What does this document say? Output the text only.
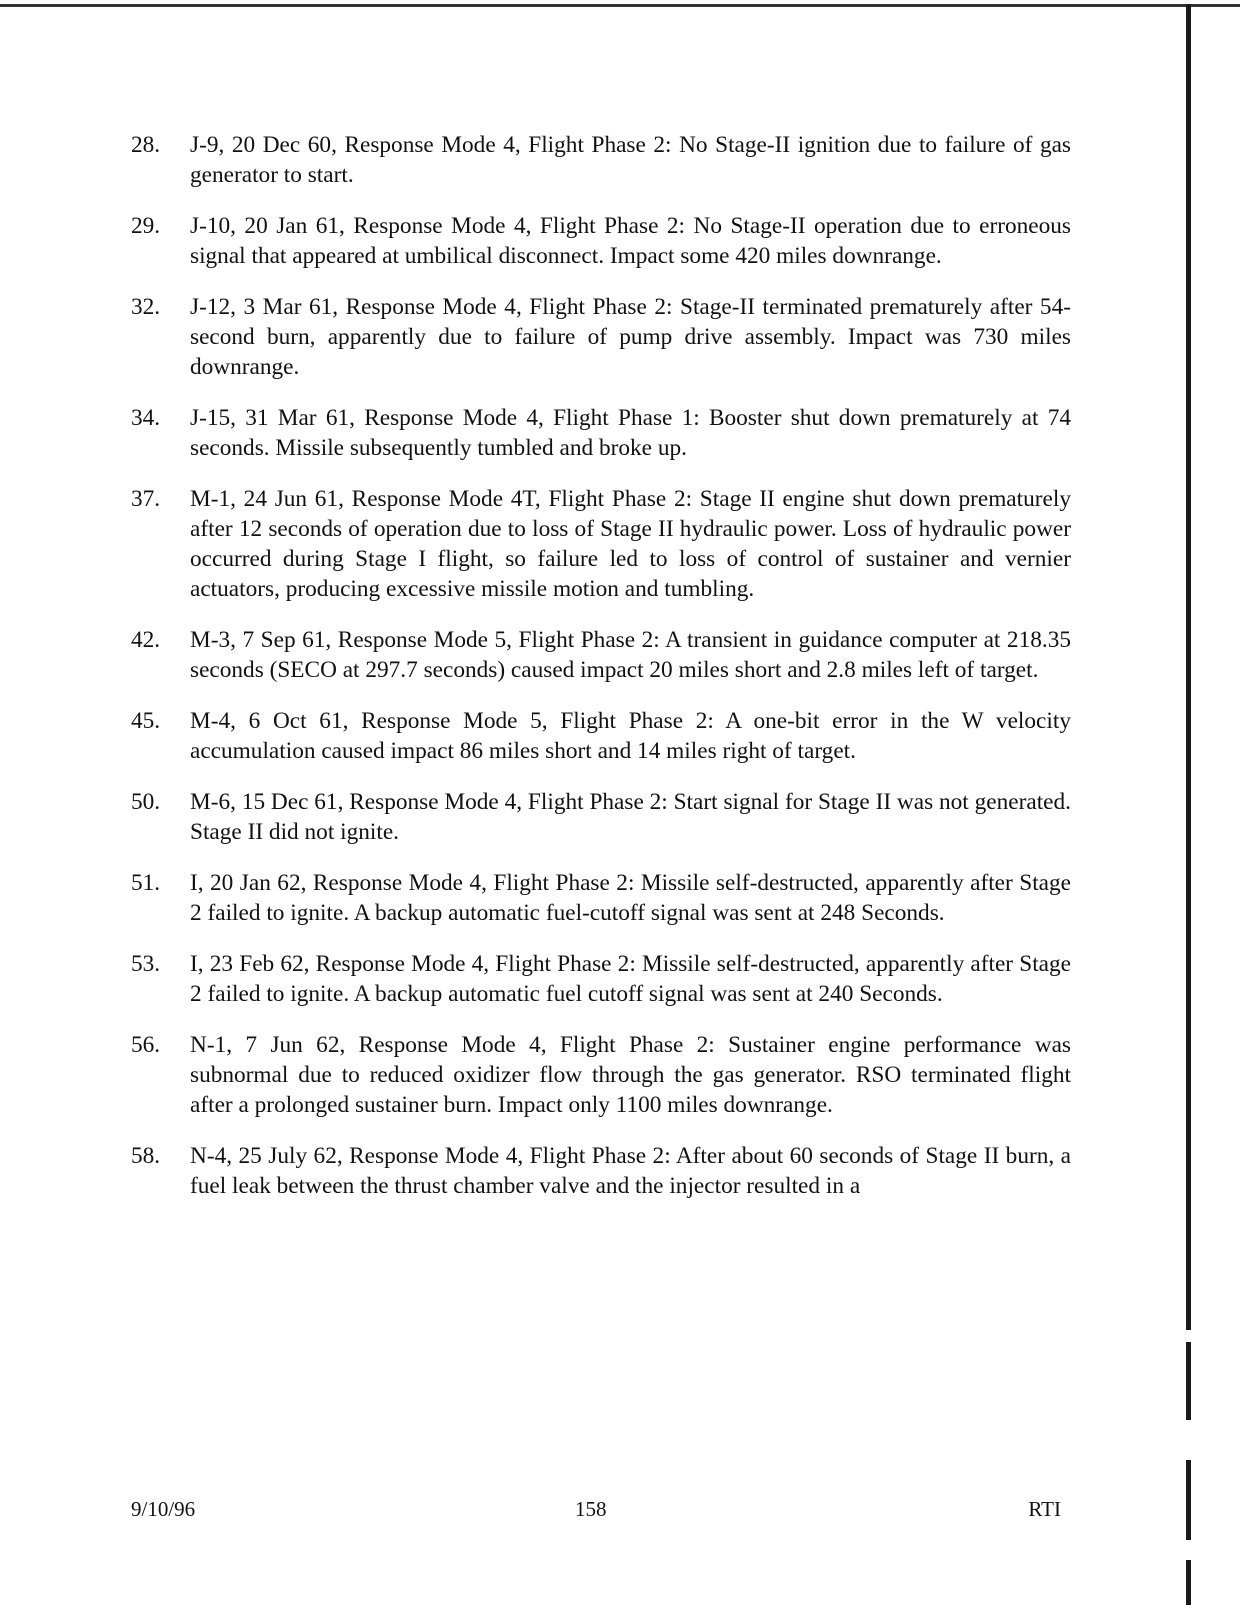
28.	J-9, 20 Dec 60, Response Mode 4, Flight Phase 2: No Stage-II ignition due to failure of gas generator to start.
29.	J-10, 20 Jan 61, Response Mode 4, Flight Phase 2: No Stage-II operation due to erroneous signal that appeared at umbilical disconnect. Impact some 420 miles downrange.
32.	J-12, 3 Mar 61, Response Mode 4, Flight Phase 2: Stage-II terminated prematurely after 54-second burn, apparently due to failure of pump drive assembly. Impact was 730 miles downrange.
34.	J-15, 31 Mar 61, Response Mode 4, Flight Phase 1: Booster shut down prematurely at 74 seconds. Missile subsequently tumbled and broke up.
37.	M-1, 24 Jun 61, Response Mode 4T, Flight Phase 2: Stage II engine shut down prematurely after 12 seconds of operation due to loss of Stage II hydraulic power. Loss of hydraulic power occurred during Stage I flight, so failure led to loss of control of sustainer and vernier actuators, producing excessive missile motion and tumbling.
42.	M-3, 7 Sep 61, Response Mode 5, Flight Phase 2: A transient in guidance computer at 218.35 seconds (SECO at 297.7 seconds) caused impact 20 miles short and 2.8 miles left of target.
45.	M-4, 6 Oct 61, Response Mode 5, Flight Phase 2: A one-bit error in the W velocity accumulation caused impact 86 miles short and 14 miles right of target.
50.	M-6, 15 Dec 61, Response Mode 4, Flight Phase 2: Start signal for Stage II was not generated. Stage II did not ignite.
51.	I, 20 Jan 62, Response Mode 4, Flight Phase 2: Missile self-destructed, apparently after Stage 2 failed to ignite. A backup automatic fuel-cutoff signal was sent at 248 Seconds.
53.	I, 23 Feb 62, Response Mode 4, Flight Phase 2: Missile self-destructed, apparently after Stage 2 failed to ignite. A backup automatic fuel cutoff signal was sent at 240 Seconds.
56.	N-1, 7 Jun 62, Response Mode 4, Flight Phase 2: Sustainer engine performance was subnormal due to reduced oxidizer flow through the gas generator. RSO terminated flight after a prolonged sustainer burn. Impact only 1100 miles downrange.
58.	N-4, 25 July 62, Response Mode 4, Flight Phase 2: After about 60 seconds of Stage II burn, a fuel leak between the thrust chamber valve and the injector resulted in a
9/10/96	158	RTI
